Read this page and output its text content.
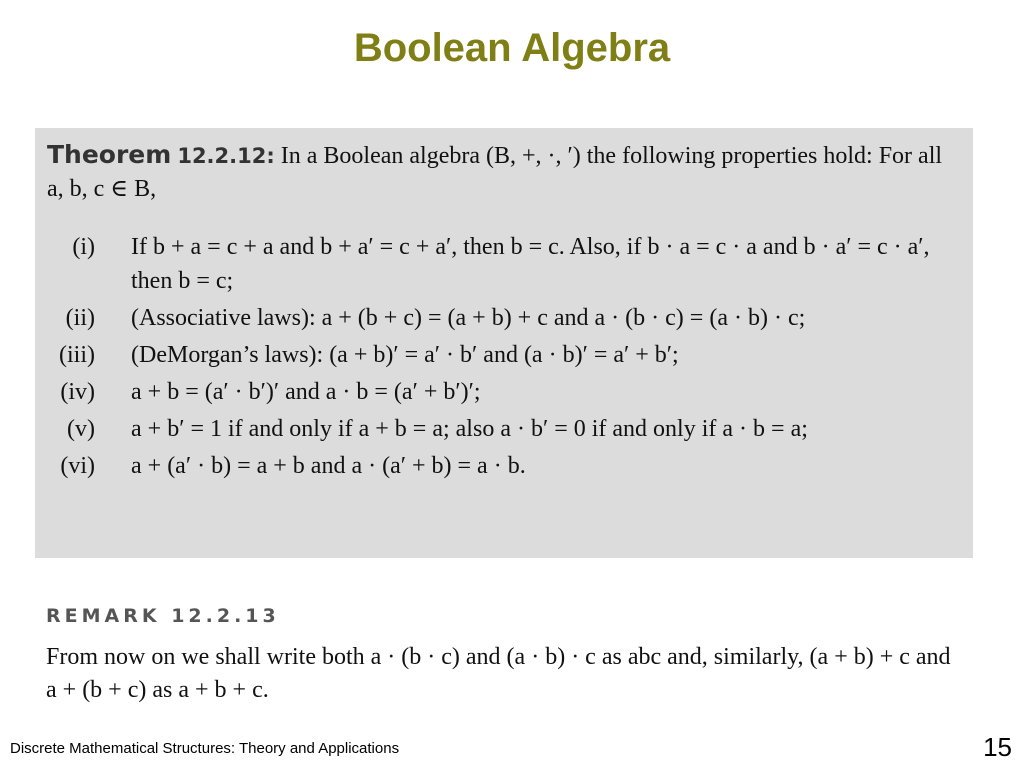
Boolean Algebra
Theorem 12.2.12: In a Boolean algebra (B, +, ·, ′) the following properties hold: For all a, b, c ∈ B,
(i) If b + a = c + a and b + a′ = c + a′, then b = c. Also, if b · a = c · a and b · a′ = c · a′, then b = c;
(ii) (Associative laws): a + (b + c) = (a + b) + c and a · (b · c) = (a · b) · c;
(iii) (DeMorgan’s laws): (a + b)′ = a′ · b′ and (a · b)′ = a′ + b′;
(iv) a + b = (a′ · b′)′ and a · b = (a′ + b′)′;
(v) a + b′ = 1 if and only if a + b = a; also a · b′ = 0 if and only if a · b = a;
(vi) a + (a′ · b) = a + b and a · (a′ + b) = a · b.
REMARK 12.2.13
From now on we shall write both a · (b · c) and (a · b) · c as abc and, similarly, (a + b) + c and a + (b + c) as a + b + c.
Discrete Mathematical Structures: Theory and Applications	15
